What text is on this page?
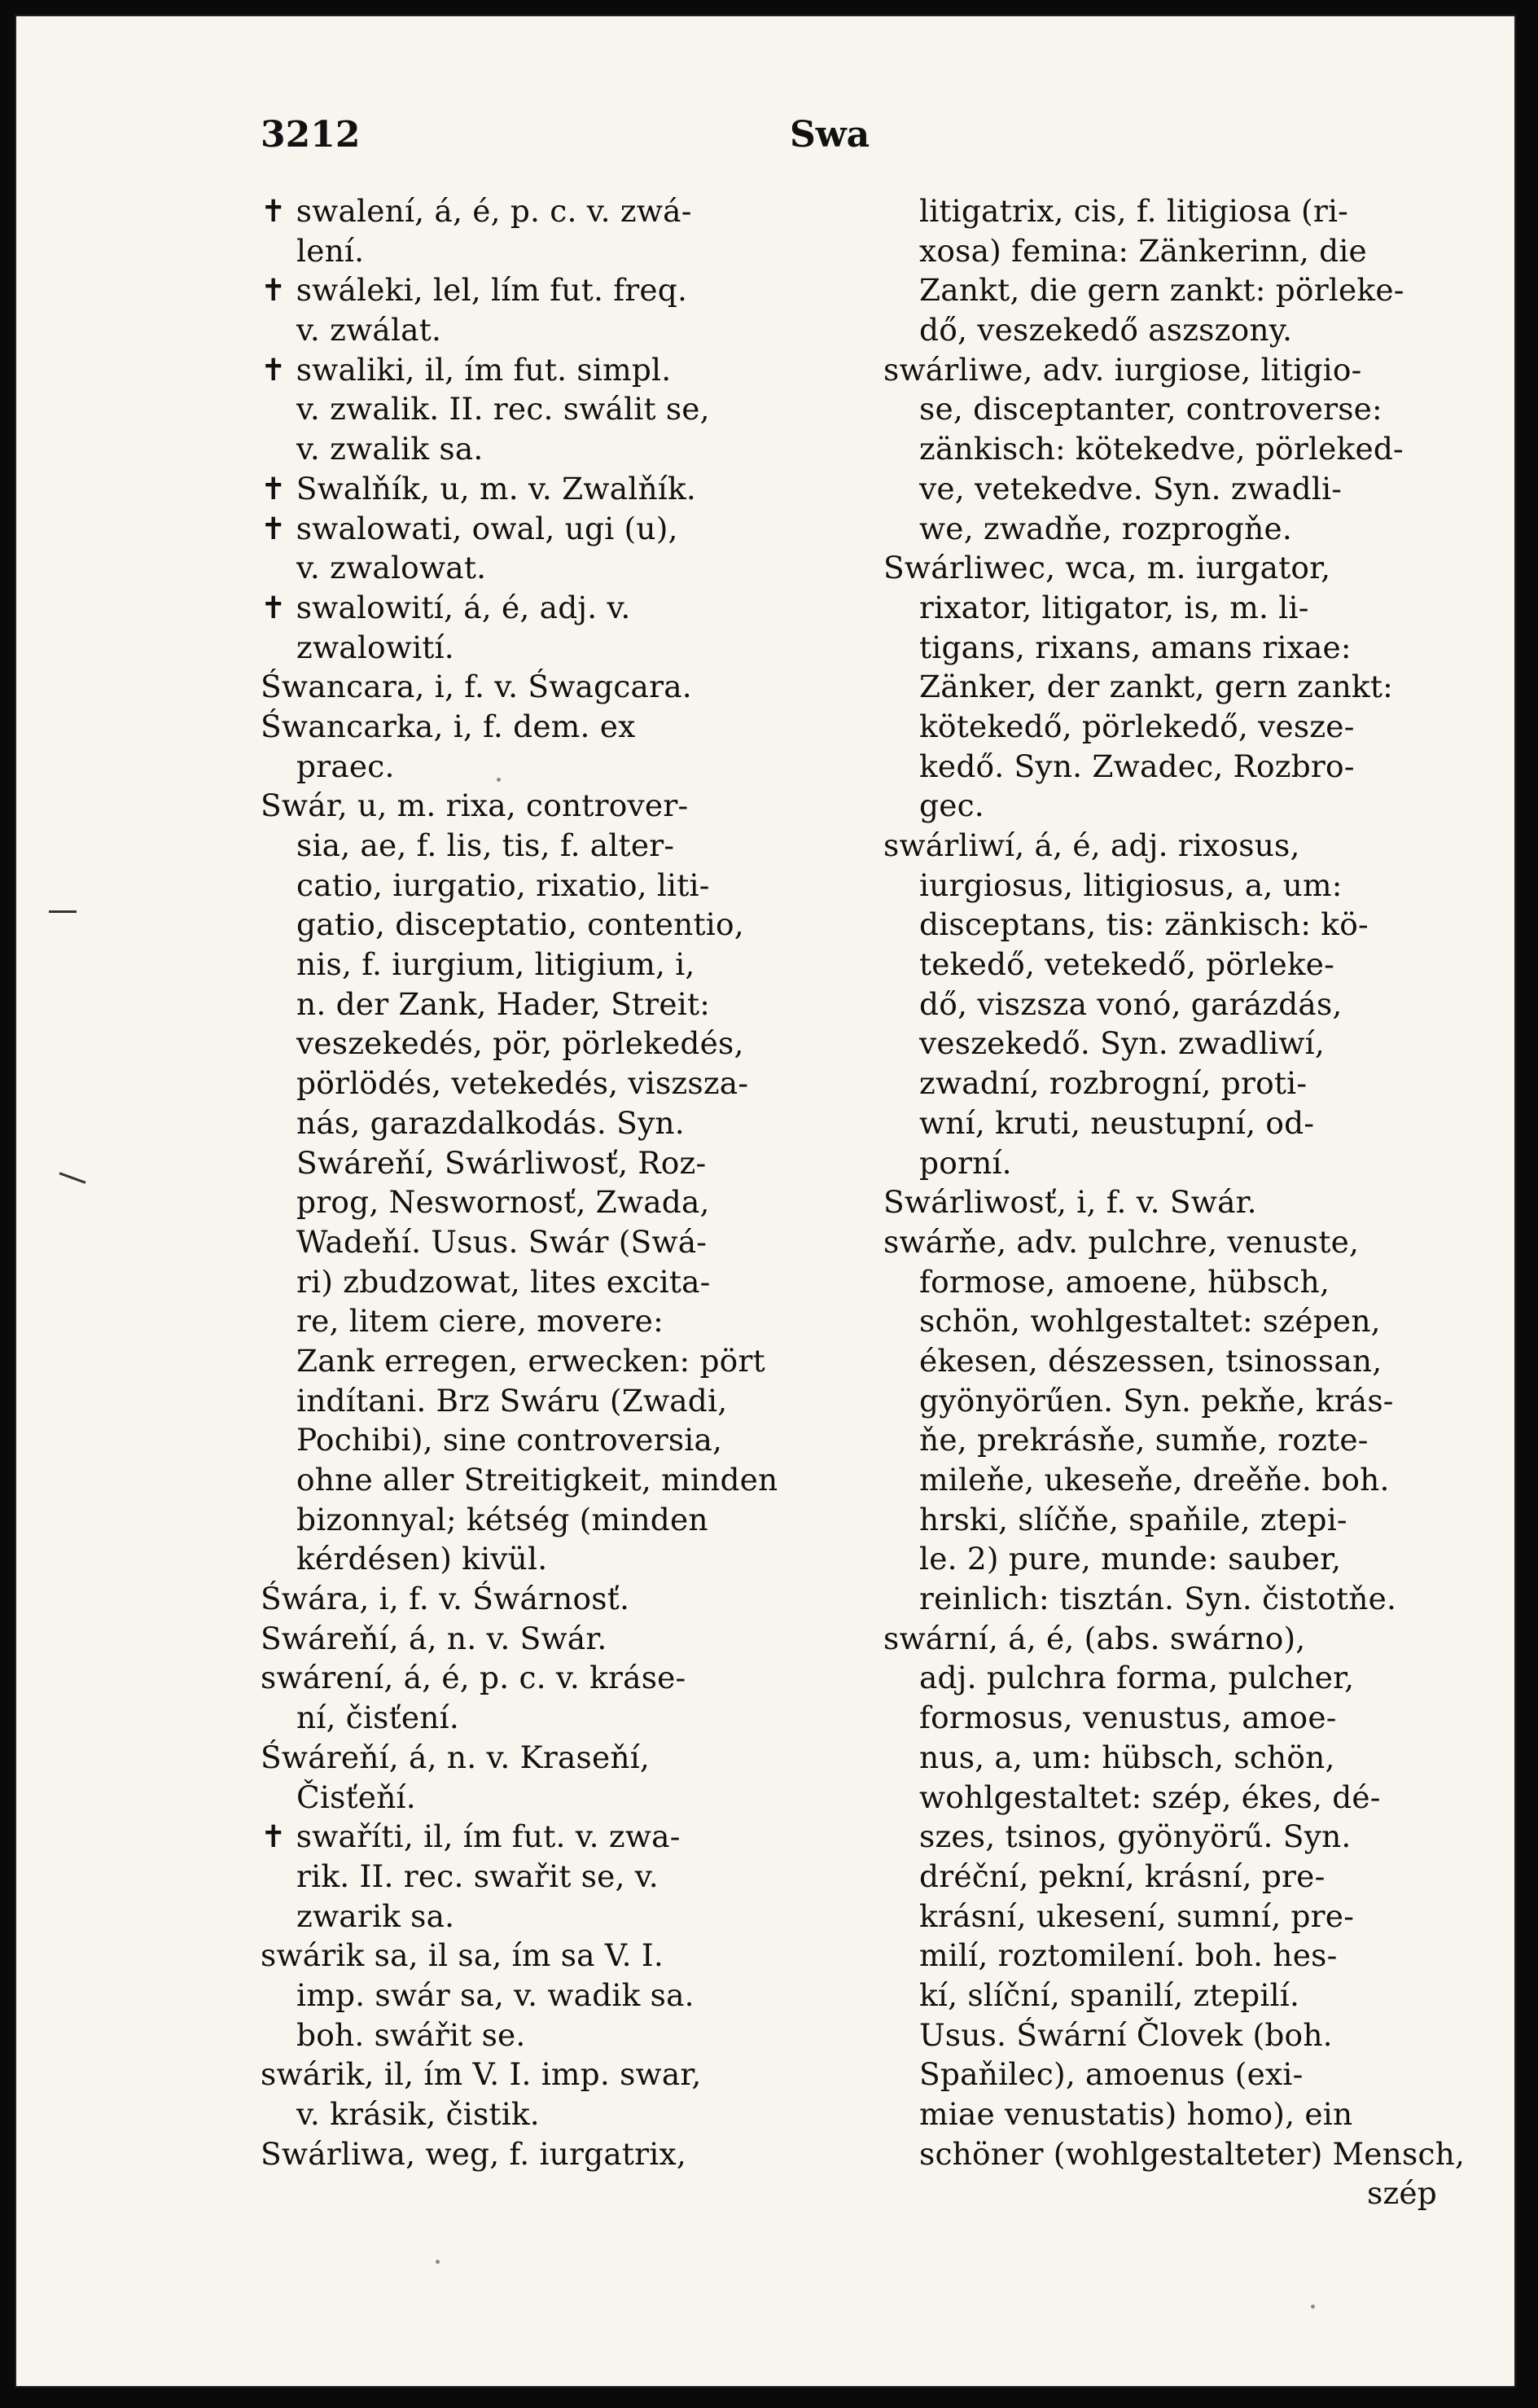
3212	Swa
✝ swalení, á, é, p. c. v. zwá-
lení.
✝ swáleki, lel, lím fut. freq.
v. zwálat.
✝ swaliki, il, ím fut. simpl.
v. zwalik. II. rec. swálit se,
v. zwalik sa.
✝ Swalňík, u, m. v. Zwalňík.
✝ swalowati, owal, ugi (u),
v. zwalowat.
✝ swalowití, á, é, adj. v.
zwalowití.
Śwancara, i, f. v. Śwagcara.
Śwancarka, i, f. dem. ex
praec.
Swár, u, m. rixa, controver-
sia, ae, f. lis, tis, f. alter-
catio, iurgatio, rixatio, liti-
gatio, disceptatio, contentio,
nis, f. iurgium, litigium, i,
n. der Zank, Hader, Streit:
veszekedés, pör, pörlekedés,
pörlödés, vetekedés, viszsza-
nás, garazdalkodás. Syn.
Swáreňí, Swárliwosť, Roz-
prog, Neswornosť, Zwada,
Wadeňí. Usus. Swár (Swá-
ri) zbudzowat, lites excita-
re, litem ciere, movere:
Zank erregen, erwecken: pört
indítani. Brz Swáru (Zwadi,
Pochibi), sine controversia,
ohne aller Streitigkeit, minden
bizonnyal; kétség (minden
kérdésen) kivül.
Śwára, i, f. v. Śwárnosť.
Swáreňí, á, n. v. Swár.
swárení, á, é, p. c. v. kráse-
ní, čisťení.
Śwáreňí, á, n. v. Kraseňí,
Čisťeňí.
✝ swaříti, il, ím fut. v. zwa-
rik. II. rec. swařit se, v.
zwarik sa.
swárik sa, il sa, ím sa V. I.
imp. swár sa, v. wadik sa.
boh. swářit se.
swárik, il, ím V. I. imp. swar,
v. krásik, čistik.
Swárliwa, weg, f. iurgatrix,
litigatrix, cis, f. litigiosa (ri-
xosa) femina: Zänkerinn, die
Zankt, die gern zankt: pörleke-
dő, veszekedő aszszony.
swárliwe, adv. iurgiose, litigio-
se, disceptanter, controverse:
zänkisch: kötekedve, pörleked-
ve, vetekedve. Syn. zwadli-
we, zwadňe, rozprogňe.
Swárliwec, wca, m. iurgator,
rixator, litigator, is, m. li-
tigans, rixans, amans rixae:
Zänker, der zankt, gern zankt:
kötekedő, pörlekedő, vesze-
kedő. Syn. Zwadec, Rozbro-
gec.
swárliwí, á, é, adj. rixosus,
iurgiosus, litigiosus, a, um:
disceptans, tis: zänkisch: kö-
tekedő, vetekedő, pörleke-
dő, viszsza vonó, garázdás,
veszekedő. Syn. zwadliwí,
zwadní, rozbrogní, proti-
wní, kruti, neustupní, od-
porní.
Swárliwosť, i, f. v. Swár.
swárňe, adv. pulchre, venuste,
formose, amoene, hübsch,
schön, wohlgestaltet: szépen,
ékesen, dészessen, tsinossan,
gyönyörűen. Syn. pekňe, krás-
ňe, prekrásňe, sumňe, rozte-
mileňe, ukeseňe, dreěňe. boh.
hrski, slíčňe, spaňile, ztepi-
le. 2) pure, munde: sauber,
reinlich: tisztán. Syn. čistotňe.
swární, á, é, (abs. swárno),
adj. pulchra forma, pulcher,
formosus, venustus, amoe-
nus, a, um: hübsch, schön,
wohlgestaltet: szép, ékes, dé-
szes, tsinos, gyönyörű. Syn.
dréční, pekní, krásní, pre-
krásní, ukesení, sumní, pre-
milí, roztomilení. boh. hes-
kí, slíční, spanilí, ztepilí.
Usus. Śwární Človek (boh.
Spaňilec), amoenus (exi-
miae venustatis) homo), ein
schöner (wohlgestalteter) Mensch,
szép
